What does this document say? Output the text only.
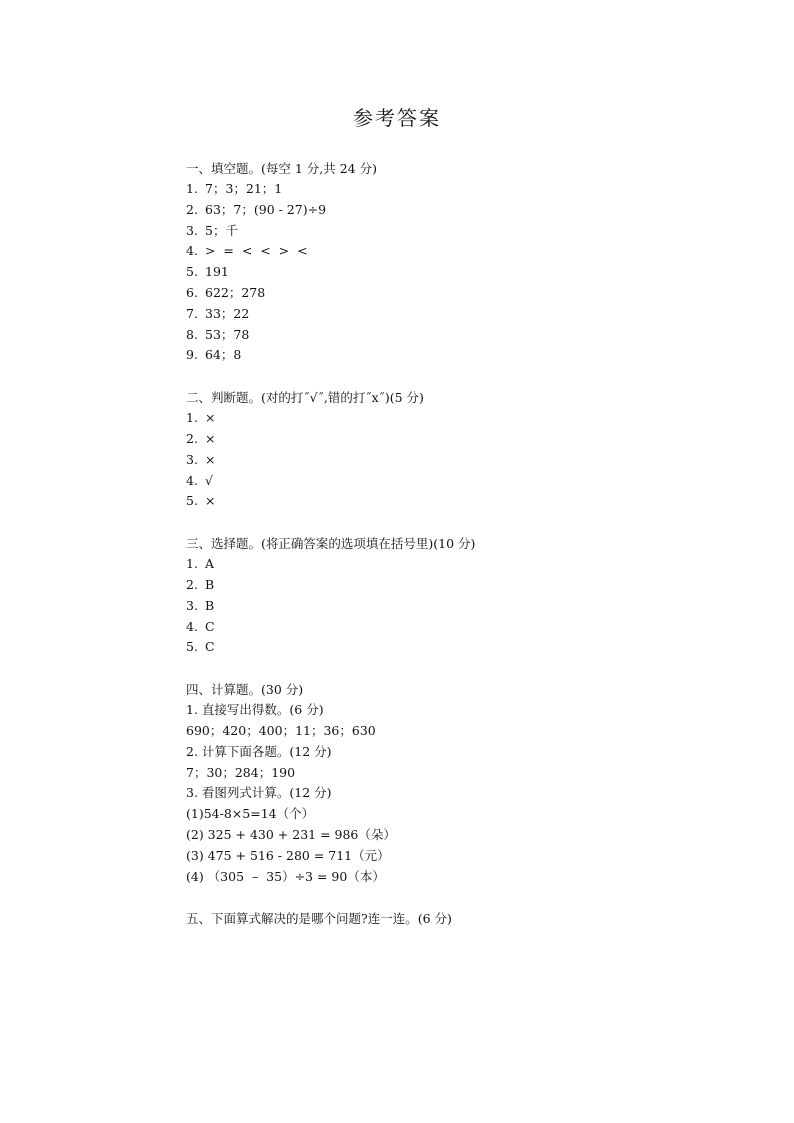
参考答案
一、填空题。(每空 1 分,共 24 分)
1. 7；3；21；1
2. 63；7；(90 - 27)÷9
3. 5；千
4. >  =  <  <  >  <
5. 191
6. 622；278
7. 33；22
8. 53；78
9. 64；8
二、判断题。(对的打˝√˝,错的打˝x˝)(5 分)
1. ×
2. ×
3. ×
4. √
5. ×
三、选择题。(将正确答案的选项填在括号里)(10 分)
1. A
2. B
3. B
4. C
5. C
四、计算题。(30 分)
1. 直接写出得数。(6 分)
690；420；400；11；36；630
2. 计算下面各题。(12 分)
7；30；284；190
3. 看图列式计算。(12 分)
(1)54-8×5=14（个）
(2) 325 + 430 + 231 = 986（朵）
(3) 475 + 516 - 280 = 711（元）
(4) （305  –  35）÷3 = 90（本）
五、下面算式解决的是哪个问题?连一连。(6 分)
